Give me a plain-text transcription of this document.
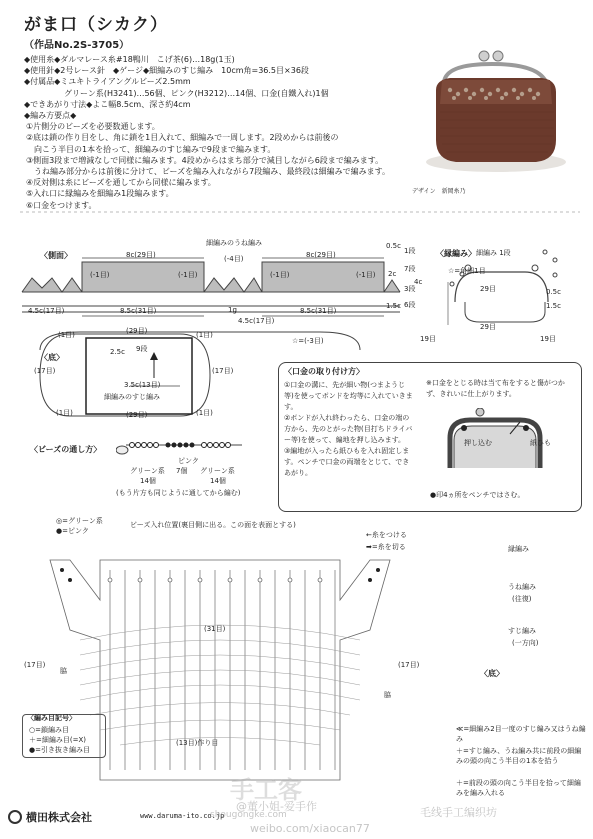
がま口（シカク）
（作品No.2S-3705）

◆使用糸◆ダルマレース糸#18鴨川　こげ茶(6)…18g(1玉)

◆使用針◆2号レース針　◆ゲージ◆細編みのすじ編み　10cm角=36.5目×36段

◆付属品◆ミユキトライアングルビーズ2.5mm

　　　　　グリーン系(H3241)…56個、ピンク(H3212)…14個、口金(自鐵入れ)1個

◆できあがり寸法◆よこ幅8.5cm、深さ約4cm

◆編み方要点◆

①片側分のビーズを必要数通します。

②底は鎖の作り目をし、角に鎖を1目入れて、細編みで一周します。2段めからは前後の

　向こう半目の1本を拾って、細編みのすじ編みで9段まで編みます。

③側面3段まで増減なしで同様に編みます。4段めからはまち部分で減目しながら6段まで編みます。

　うね編み部分からは前後に分けて、ビーズを編み入れながら7段編み、最終段は細編みで編みます。

④反対側は糸にビーズを通してから同様に編みます。

⑤入れ口に縁編みを細編み1段編みます。

⑥口金をつけます。

デザイン　新岡糸乃
〈側面〉
細編みのうね編み
8c(29目)	8c(29目)
(-1目)	(-1目)	(-1目)	(-1目)
(-4目)
1g
4.5c(17目)	8.5c(31目)
4.5c(17目)
8.5c(31目)
0.5c
2c
1.5c
4c
1段
7段
3段
6段
☆=(-3目)
〈縁編み〉 細編み 1段
☆=角細1目
29目	0.5c
1.5c
29目
19目	19目
〈底〉
(29目)
(29目)
(1目)
(17目)
(1目)
(1目)
(17目)
(1目)
2.5c 9段
3.5c(13目)
細編みのすじ編み
〈ビーズの通し方〉
ピンク
7個
グリーン系
14個
グリーン系
14個
(もう片方も同じように通してから編む)
〈口金の取り付け方〉

①口金の溝に、先が細い物(つまようじ等)を使ってボンドを均等に入れていきます。

②ボンドが入れ終わったら、口金の端の方から、先のとがった物(目打ちドライバー等)を使って、編地を押し込みます。

③編地が入ったら紙ひもを入れ固定します。ペンチで口金の両端をとじて、できあがり。

※口金をとじる時は当て布をすると傷がつかず、きれいに仕上がります。
押し込む	紙ひも
●印4ヵ所をペンチではさむ。
◎=グリーン系
●=ピンク
ビーズ入れ位置(裏目側に出る。この面を表面とする)
←糸をつける
➡=糸を切る	縁編み
うね編み
(往復)
すじ編み
(一方向)
〈底〉
(31目)
(17目)	(17目)
(13目)作り目
脇
脇
〈編み目記号〉
○=鎖編み目
＋=細編み目(=X)
●=引き抜き編み目
≪=細編み2目一度のすじ編み又はうね編み
＋=すじ編み、うね編み共に前段の細編みの頭の向こう半目の1本を拾う
＋=前段の頭の向こう半目を拾って細編みを編み入れる
横田株式会社	www.daruma-ito.co.jp
手工客
@董小姐-爱手作	毛线手工编织坊
weibo.com/xiaocan77
shougongke.com
